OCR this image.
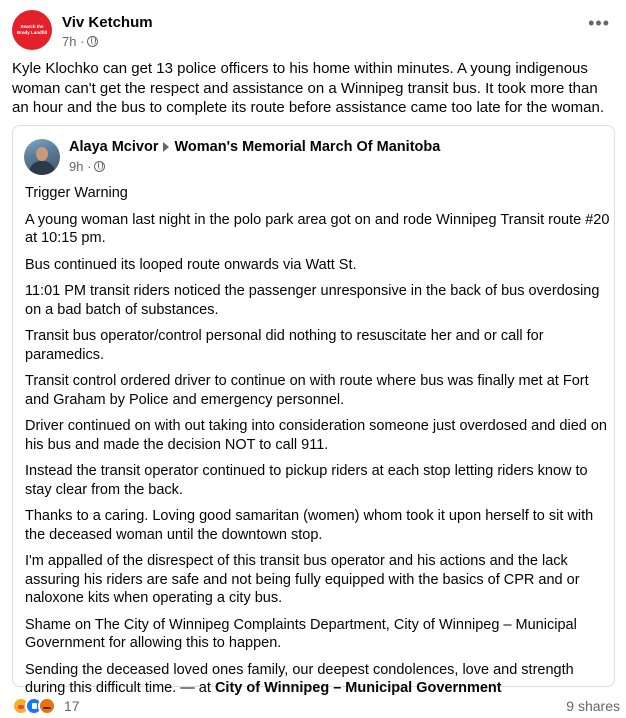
Search the Brady Landfill
Viv Ketchum
7h ·
•••
Kyle Klochko can get 13 police officers to his home within minutes. A young indigenous woman can't get the respect and assistance on a Winnipeg transit bus. It took more than an hour and the bus to complete its route before assistance came too late for the woman.
Alaya Mcivor Woman's Memorial March Of Manitoba
9h ·

Trigger Warning

A young woman last night in the polo park area got on and rode Winnipeg Transit route #20 at 10:15 pm.

Bus continued its looped route onwards via Watt St.

11:01 PM transit riders noticed the passenger unresponsive in the back of bus overdosing on a bad batch of substances.

Transit bus operator/control personal did nothing to resuscitate her and or call for paramedics.

Transit control ordered driver to continue on with route where bus was finally met at Fort and Graham by Police and emergency personnel.

Driver continued on with out taking into consideration someone just overdosed and died on his bus and made the decision NOT to call 911.

Instead the transit operator continued to pickup riders at each stop letting riders know to stay clear from the back.

Thanks to a caring. Loving good samaritan (women) whom took it upon herself to sit with the deceased woman until the downtown stop.

I'm appalled of the disrespect of this transit bus operator and his actions and the lack assuring his riders are safe and not being fully equipped with the basics of CPR and or naloxone kits when operating a city bus.

Shame on The City of Winnipeg Complaints Department, City of Winnipeg – Municipal Government for allowing this to happen.

Sending the deceased loved ones family, our deepest condolences, love and strength during this difficult time. — at City of Winnipeg – Municipal Government

17	9 shares
